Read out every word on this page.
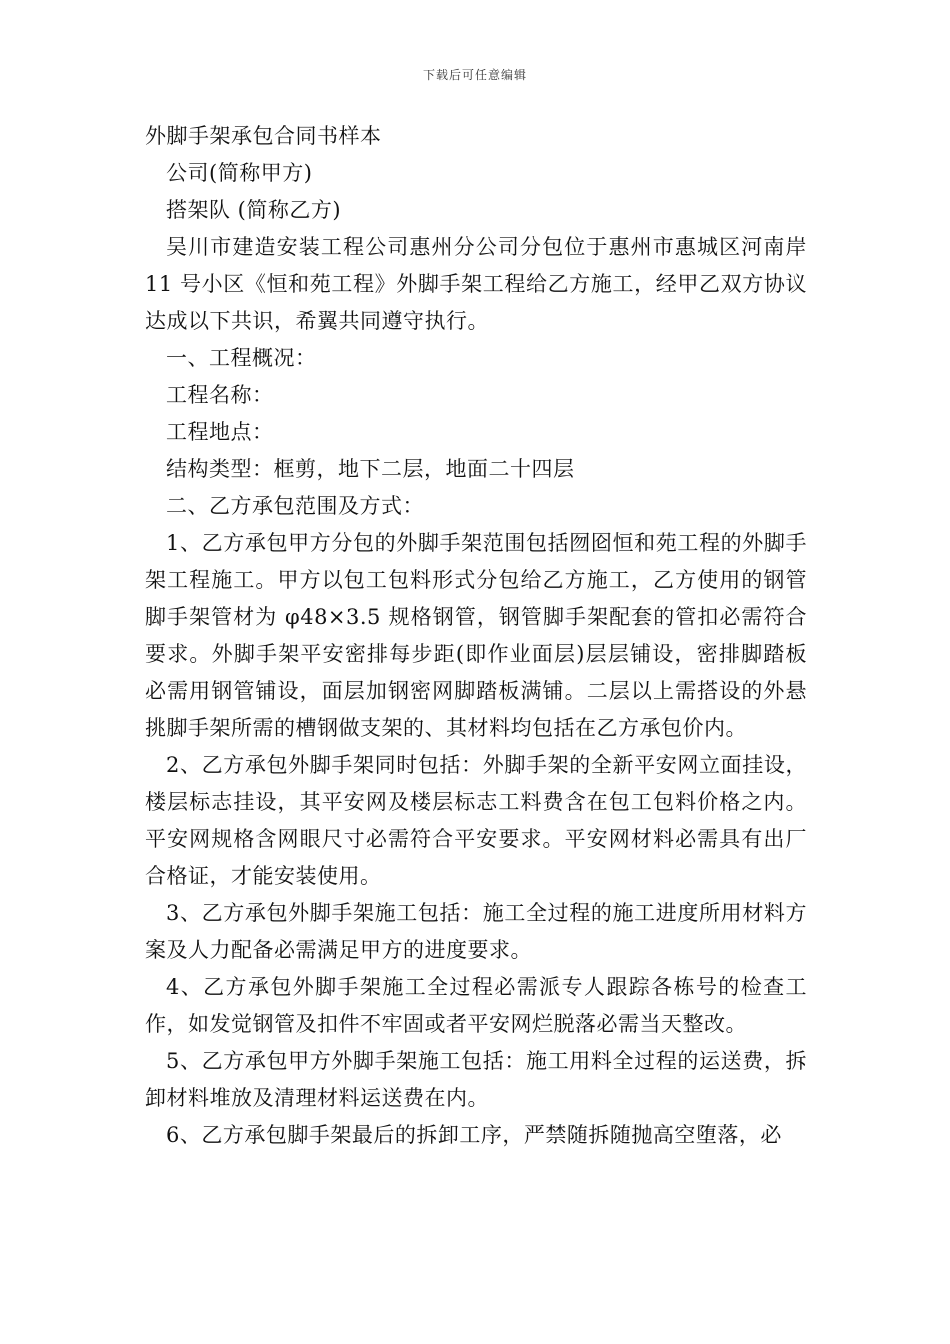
下载后可任意编辑
外脚手架承包合同书样本

公司(简称甲方)

搭架队 (简称乙方)

吴川市建造安装工程公司惠州分公司分包位于惠州市惠城区河南岸 11 号小区《恒和苑工程》外脚手架工程给乙方施工，经甲乙双方协议达成以下共识，希翼共同遵守执行。

一、工程概况：

工程名称：

工程地点：

结构类型：框剪，地下二层，地面二十四层

二、乙方承包范围及方式：

1、乙方承包甲方分包的外脚手架范围包括囫囵恒和苑工程的外脚手架工程施工。甲方以包工包料形式分包给乙方施工，乙方使用的钢管脚手架管材为 φ48×3.5 规格钢管，钢管脚手架配套的管扣必需符合要求。外脚手架平安密排每步距(即作业面层)层层铺设，密排脚踏板必需用钢管铺设，面层加钢密网脚踏板满铺。二层以上需搭设的外悬挑脚手架所需的槽钢做支架的、其材料均包括在乙方承包价内。

2、乙方承包外脚手架同时包括：外脚手架的全新平安网立面挂设，楼层标志挂设，其平安网及楼层标志工料费含在包工包料价格之内。平安网规格含网眼尺寸必需符合平安要求。平安网材料必需具有出厂合格证，才能安装使用。

3、乙方承包外脚手架施工包括：施工全过程的施工进度所用材料方案及人力配备必需满足甲方的进度要求。

4、乙方承包外脚手架施工全过程必需派专人跟踪各栋号的检查工作，如发觉钢管及扣件不牢固或者平安网烂脱落必需当天整改。

5、乙方承包甲方外脚手架施工包括：施工用料全过程的运送费，拆卸材料堆放及清理材料运送费在内。

6、乙方承包脚手架最后的拆卸工序，严禁随拆随抛高空堕落，必
